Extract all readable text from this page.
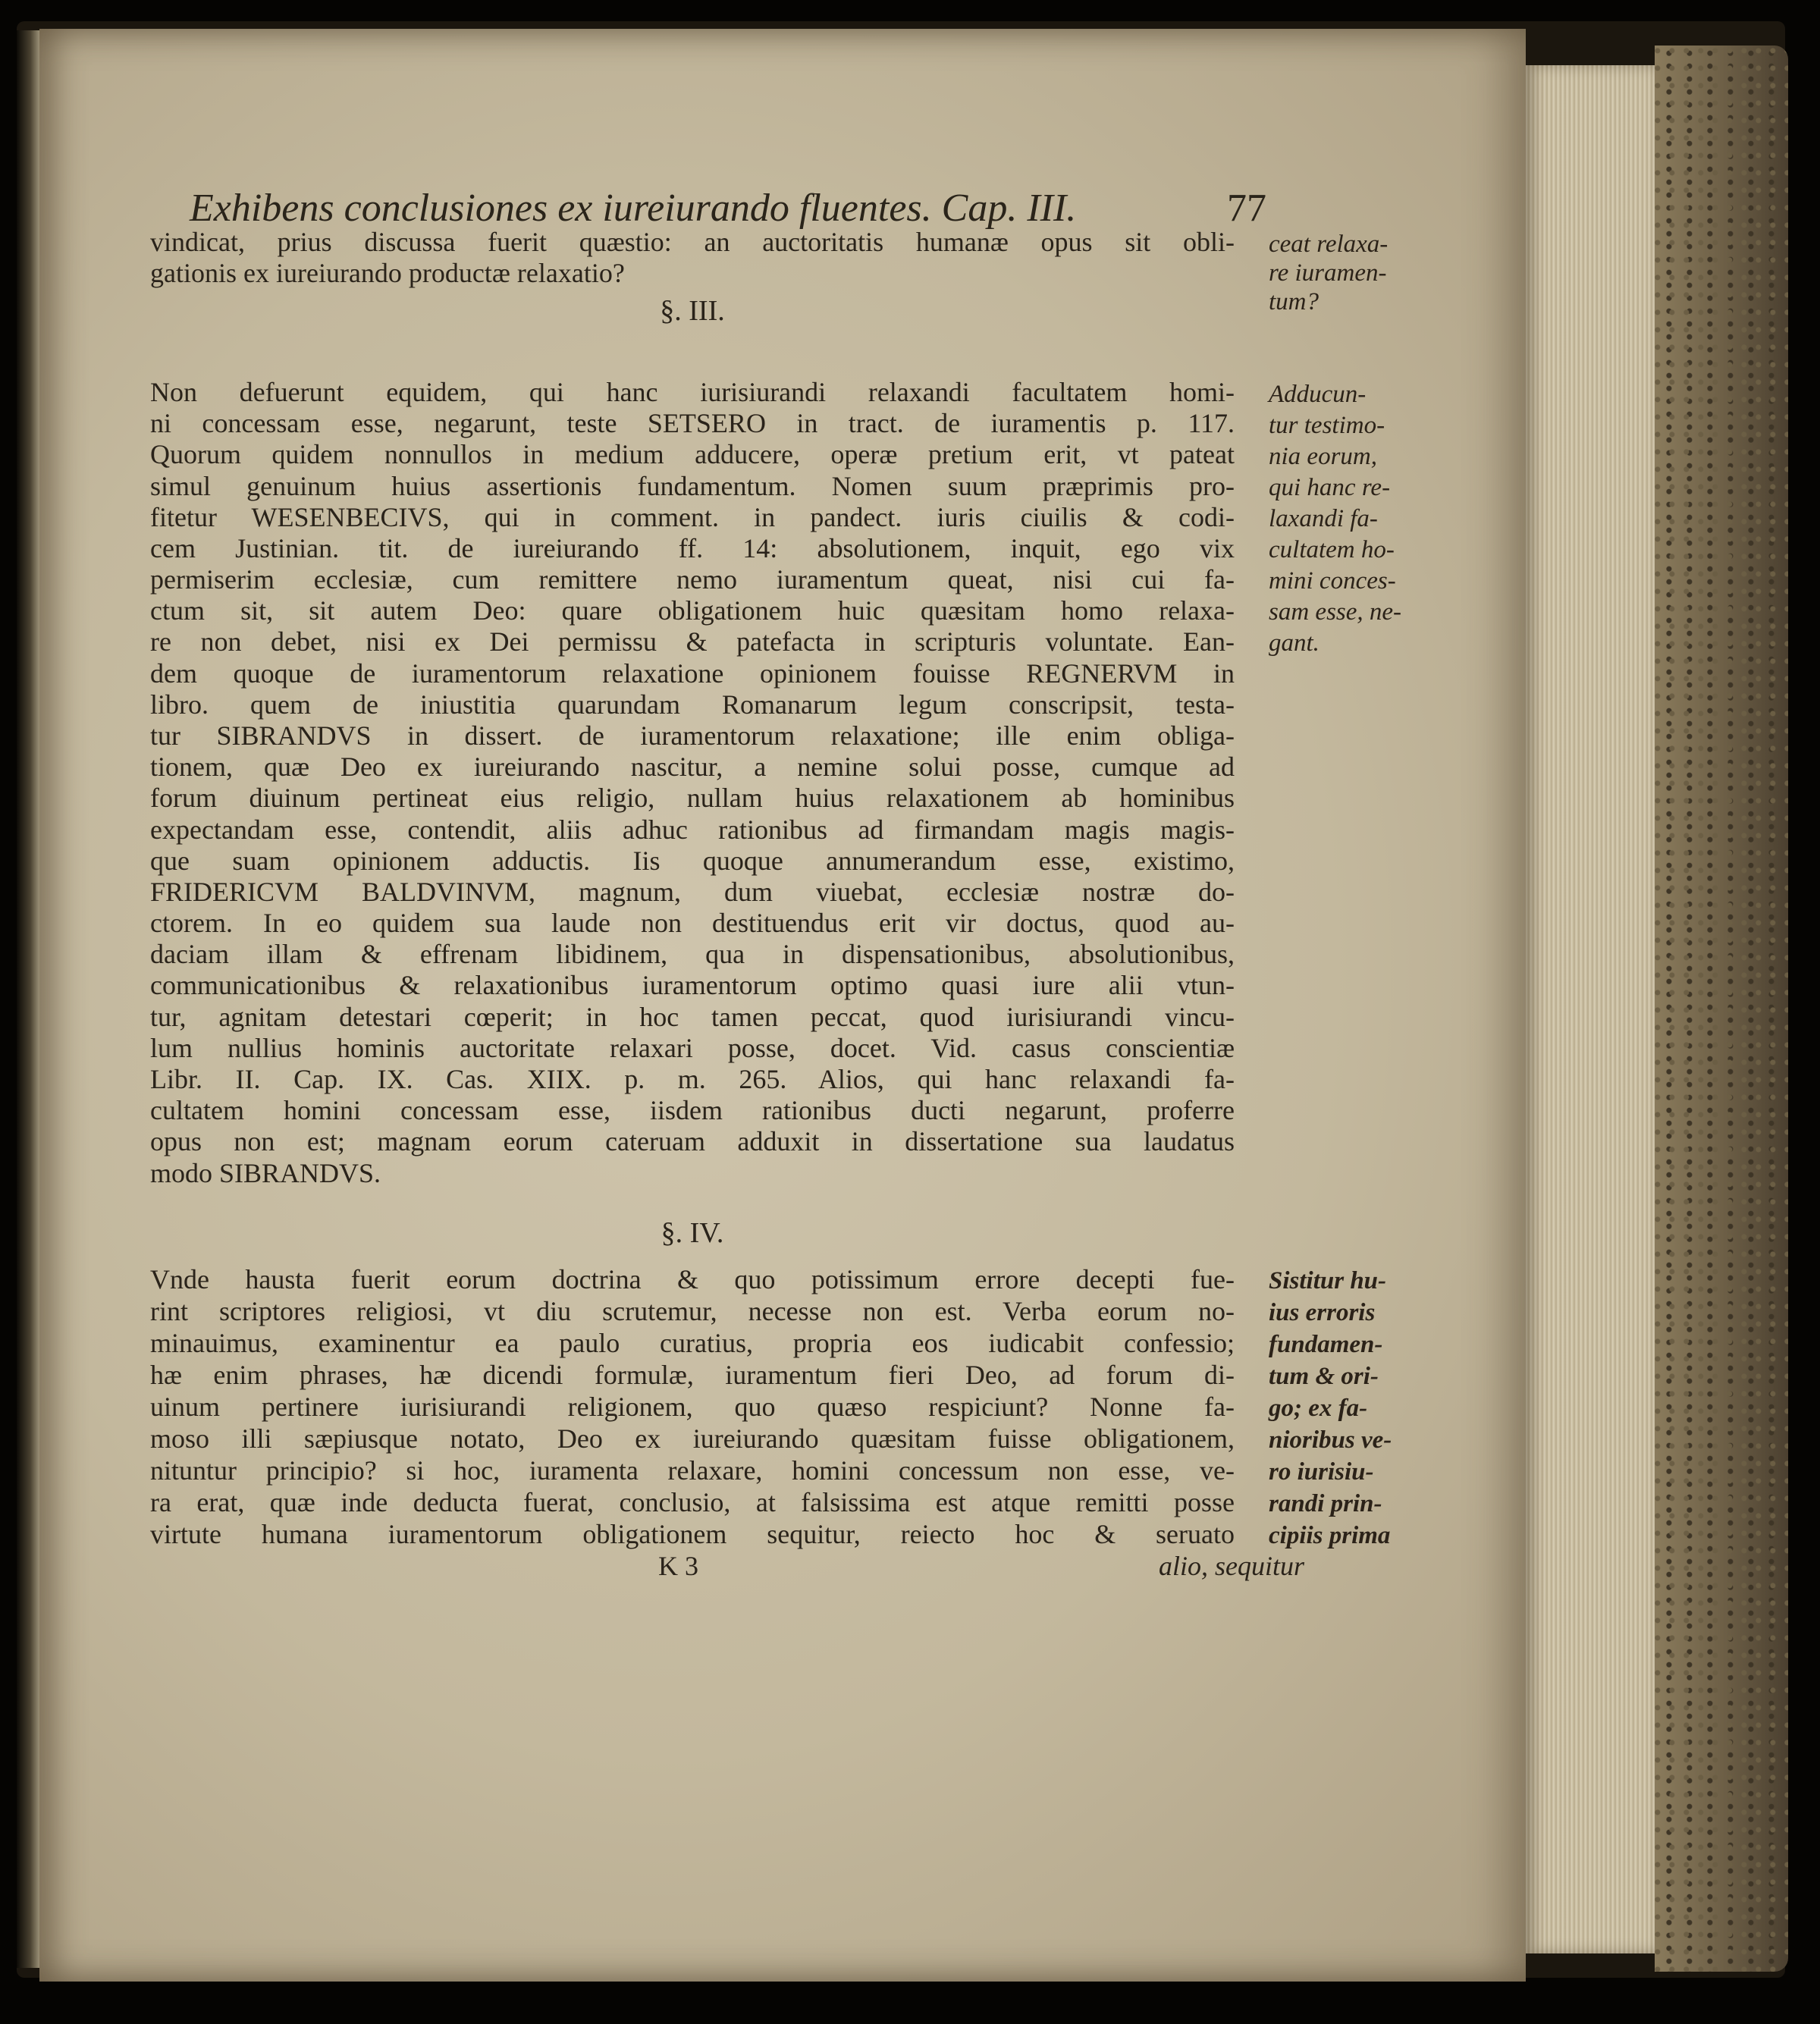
Exhibens conclusiones ex iureiurando fluentes. Cap. III.	77
vindicat, prius discussa fuerit quæstio: an auctoritatis humanæ opus sit obli-
gationis ex iureiurando productæ relaxatio?
§. III.
Non defuerunt equidem, qui hanc iurisiurandi relaxandi facultatem homi-
ni concessam esse, negarunt, teste SETSERO in tract. de iuramentis p. 117.
Quorum quidem nonnullos in medium adducere, operæ pretium erit, vt pateat
simul genuinum huius assertionis fundamentum. Nomen suum præprimis pro-
fitetur WESENBECIVS, qui in comment. in pandect. iuris ciuilis & codi-
cem Justinian. tit. de iureiurando ff. 14: absolutionem, inquit, ego vix
permiserim ecclesiæ, cum remittere nemo iuramentum queat, nisi cui fa-
ctum sit, sit autem Deo: quare obligationem huic quæsitam homo relaxa-
re non debet, nisi ex Dei permissu & patefacta in scripturis voluntate. Ean-
dem quoque de iuramentorum relaxatione opinionem fouisse REGNERVM in
libro. quem de iniustitia quarundam Romanarum legum conscripsit, testa-
tur SIBRANDVS in dissert. de iuramentorum relaxatione; ille enim obliga-
tionem, quæ Deo ex iureiurando nascitur, a nemine solui posse, cumque ad
forum diuinum pertineat eius religio, nullam huius relaxationem ab hominibus
expectandam esse, contendit, aliis adhuc rationibus ad firmandam magis magis-
que suam opinionem adductis. Iis quoque annumerandum esse, existimo,
FRIDERICVM BALDVINVM, magnum, dum viuebat, ecclesiæ nostræ do-
ctorem. In eo quidem sua laude non destituendus erit vir doctus, quod au-
daciam illam & effrenam libidinem, qua in dispensationibus, absolutionibus,
communicationibus & relaxationibus iuramentorum optimo quasi iure alii vtun-
tur, agnitam detestari cœperit; in hoc tamen peccat, quod iurisiurandi vincu-
lum nullius hominis auctoritate relaxari posse, docet. Vid. casus conscientiæ
Libr. II. Cap. IX. Cas. XIIX. p. m. 265. Alios, qui hanc relaxandi fa-
cultatem homini concessam esse, iisdem rationibus ducti negarunt, proferre
opus non est; magnam eorum cateruam adduxit in dissertatione sua laudatus
modo SIBRANDVS.
§. IV.
Vnde hausta fuerit eorum doctrina & quo potissimum errore decepti fue-
rint scriptores religiosi, vt diu scrutemur, necesse non est. Verba eorum no-
minauimus, examinentur ea paulo curatius, propria eos iudicabit confessio;
hæ enim phrases, hæ dicendi formulæ, iuramentum fieri Deo, ad forum di-
uinum pertinere iurisiurandi religionem, quo quæso respiciunt? Nonne fa-
moso illi sæpiusque notato, Deo ex iureiurando quæsitam fuisse obligationem,
nituntur principio? si hoc, iuramenta relaxare, homini concessum non esse, ve-
ra erat, quæ inde deducta fuerat, conclusio, at falsissima est atque remitti posse
virtute humana iuramentorum obligationem sequitur, reiecto hoc & seruato
K 3	alio, sequitur
ceat relaxa-
re iuramen-
tum?
Adducun-
tur testimo-
nia eorum,
qui hanc re-
laxandi fa-
cultatem ho-
mini conces-
sam esse, ne-
gant.
Sistitur hu-
ius erroris
fundamen-
tum & ori-
go; ex fa-
nioribus ve-
ro iurisiu-
randi prin-
cipiis prima
